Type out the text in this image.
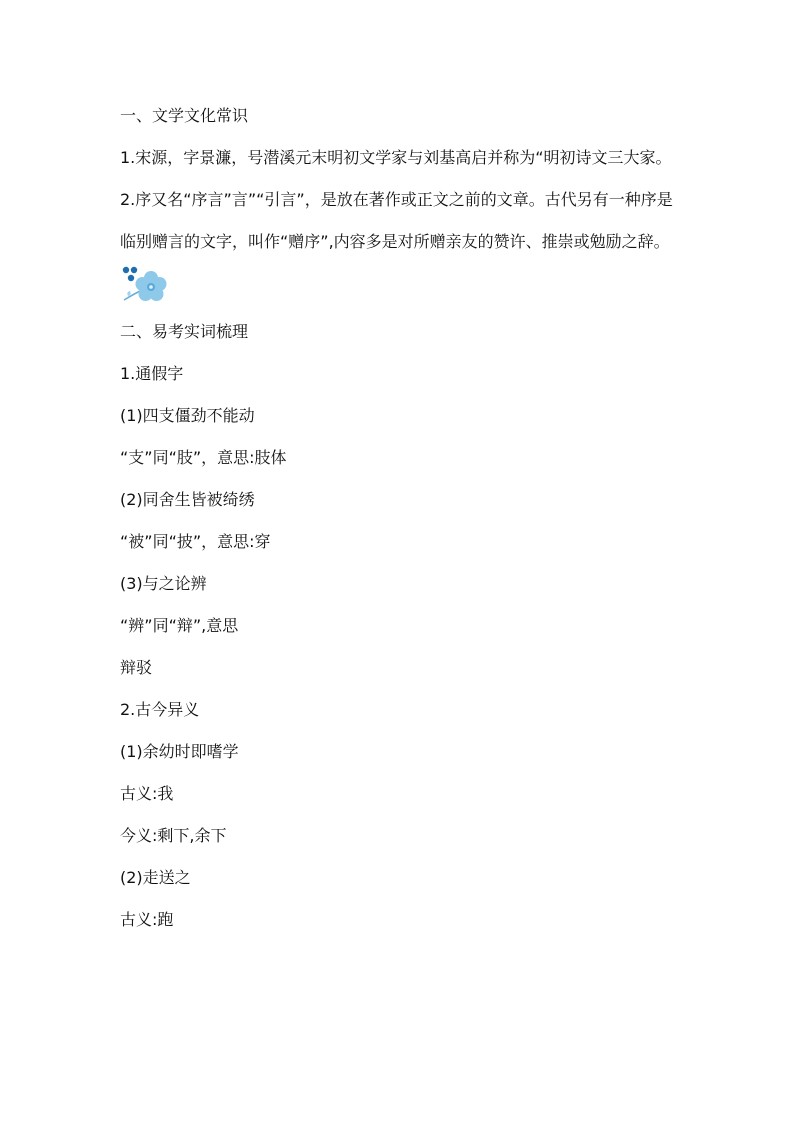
一、文学文化常识
1.宋源，字景濂，号潜溪元末明初文学家与刘基高启并称为“明初诗文三大家。
2.序又名“序言”言”“引言”，是放在著作或正文之前的文章。古代另有一种序是临别赠言的文字，叫作“赠序”,内容多是对所赠亲友的赞许、推崇或勉励之辞。
二、易考实词梳理
1.通假字
(1)四支僵劲不能动
“支”同“肢”，意思:肢体
(2)同舍生皆被绮绣
“被”同“披”，意思:穿
(3)与之论辨
“辨”同“辩”,意思
辩驳
2.古今异义
(1)余幼时即嗜学
古义:我
今义:剩下,余下
(2)走送之
古义:跑
